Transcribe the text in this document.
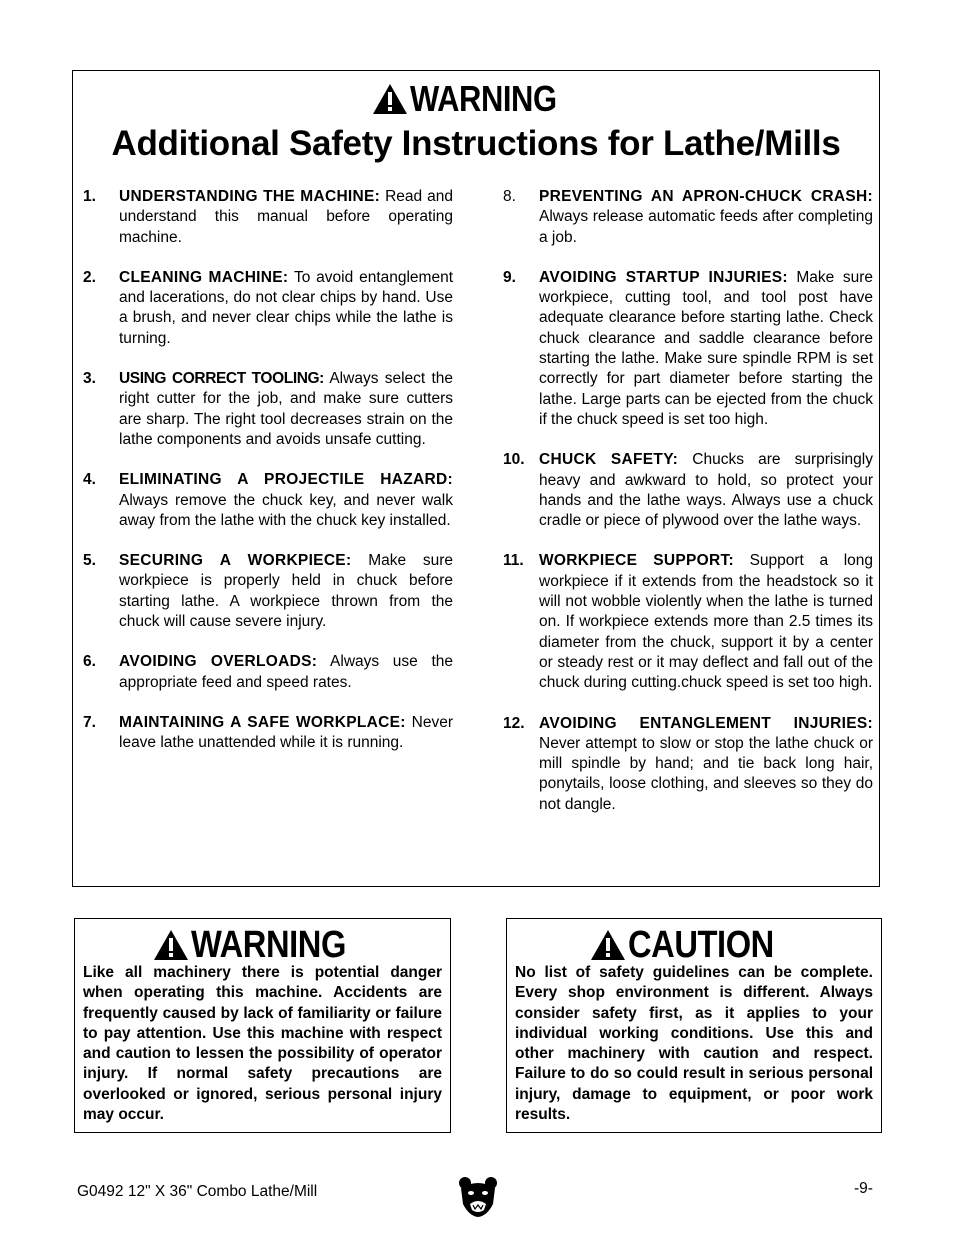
WARNING
Additional Safety Instructions for Lathe/Mills
1. UNDERSTANDING THE MACHINE: Read and understand this manual before operating machine.
2. CLEANING MACHINE: To avoid entanglement and lacerations, do not clear chips by hand. Use a brush, and never clear chips while the lathe is turning.
3. USING CORRECT TOOLING: Always select the right cutter for the job, and make sure cutters are sharp. The right tool decreases strain on the lathe components and avoids unsafe cutting.
4. ELIMINATING A PROJECTILE HAZARD: Always remove the chuck key, and never walk away from the lathe with the chuck key installed.
5. SECURING A WORKPIECE: Make sure workpiece is properly held in chuck before starting lathe. A workpiece thrown from the chuck will cause severe injury.
6. AVOIDING OVERLOADS: Always use the appropriate feed and speed rates.
7. MAINTAINING A SAFE WORKPLACE: Never leave lathe unattended while it is running.
8. PREVENTING AN APRON-CHUCK CRASH: Always release automatic feeds after completing a job.
9. AVOIDING STARTUP INJURIES: Make sure workpiece, cutting tool, and tool post have adequate clearance before starting lathe. Check chuck clearance and saddle clearance before starting the lathe. Make sure spindle RPM is set correctly for part diameter before starting the lathe. Large parts can be ejected from the chuck if the chuck speed is set too high.
10. CHUCK SAFETY: Chucks are surprisingly heavy and awkward to hold, so protect your hands and the lathe ways. Always use a chuck cradle or piece of plywood over the lathe ways.
11. WORKPIECE SUPPORT: Support a long workpiece if it extends from the headstock so it will not wobble violently when the lathe is turned on. If workpiece extends more than 2.5 times its diameter from the chuck, support it by a center or steady rest or it may deflect and fall out of the chuck during cutting.chuck speed is set too high.
12. AVOIDING ENTANGLEMENT INJURIES: Never attempt to slow or stop the lathe chuck or mill spindle by hand; and tie back long hair, ponytails, loose clothing, and sleeves so they do not dangle.
WARNING
Like all machinery there is potential danger when operating this machine. Accidents are frequently caused by lack of familiarity or failure to pay attention. Use this machine with respect and caution to lessen the possibility of operator injury. If normal safety precautions are overlooked or ignored, serious personal injury may occur.
CAUTION
No list of safety guidelines can be complete. Every shop environment is different. Always consider safety first, as it applies to your individual working conditions. Use this and other machinery with caution and respect. Failure to do so could result in serious personal injury, damage to equipment, or poor work results.
G0492 12" X 36" Combo Lathe/Mill	-9-
